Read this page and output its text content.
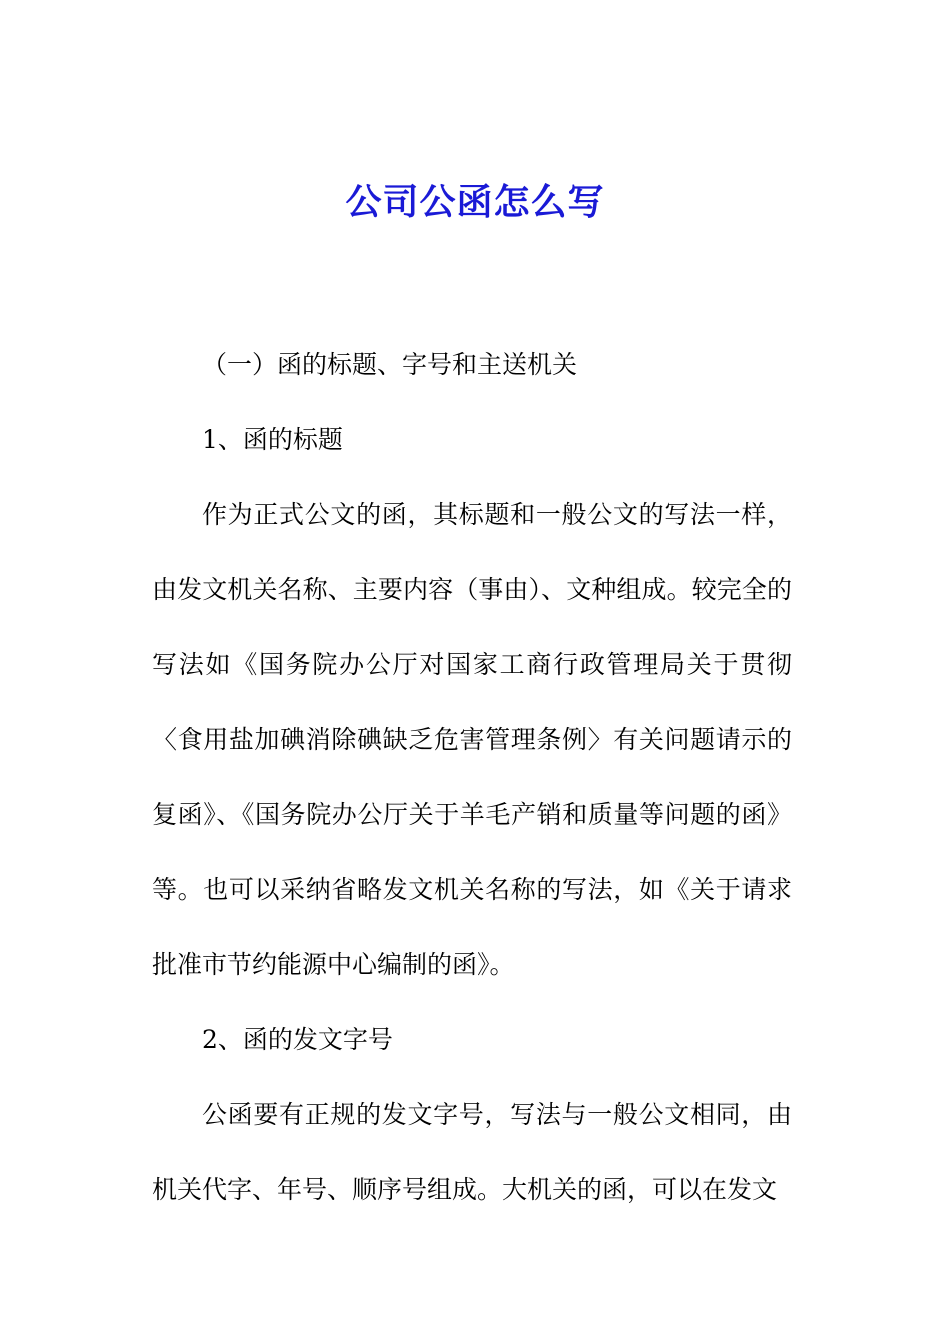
公司公函怎么写

（一）函的标题、字号和主送机关

1、函的标题

作为正式公文的函，其标题和一般公文的写法一样，由发文机关名称、主要内容（事由）、文种组成。较完全的写法如《国务院办公厅对国家工商行政管理局关于贯彻〈食用盐加碘消除碘缺乏危害管理条例〉有关问题请示的复函》、《国务院办公厅关于羊毛产销和质量等问题的函》等。也可以采纳省略发文机关名称的写法，如《关于请求批准市节约能源中心编制的函》。

2、函的发文字号

公函要有正规的发文字号，写法与一般公文相同，由机关代字、年号、顺序号组成。大机关的函，可以在发文
